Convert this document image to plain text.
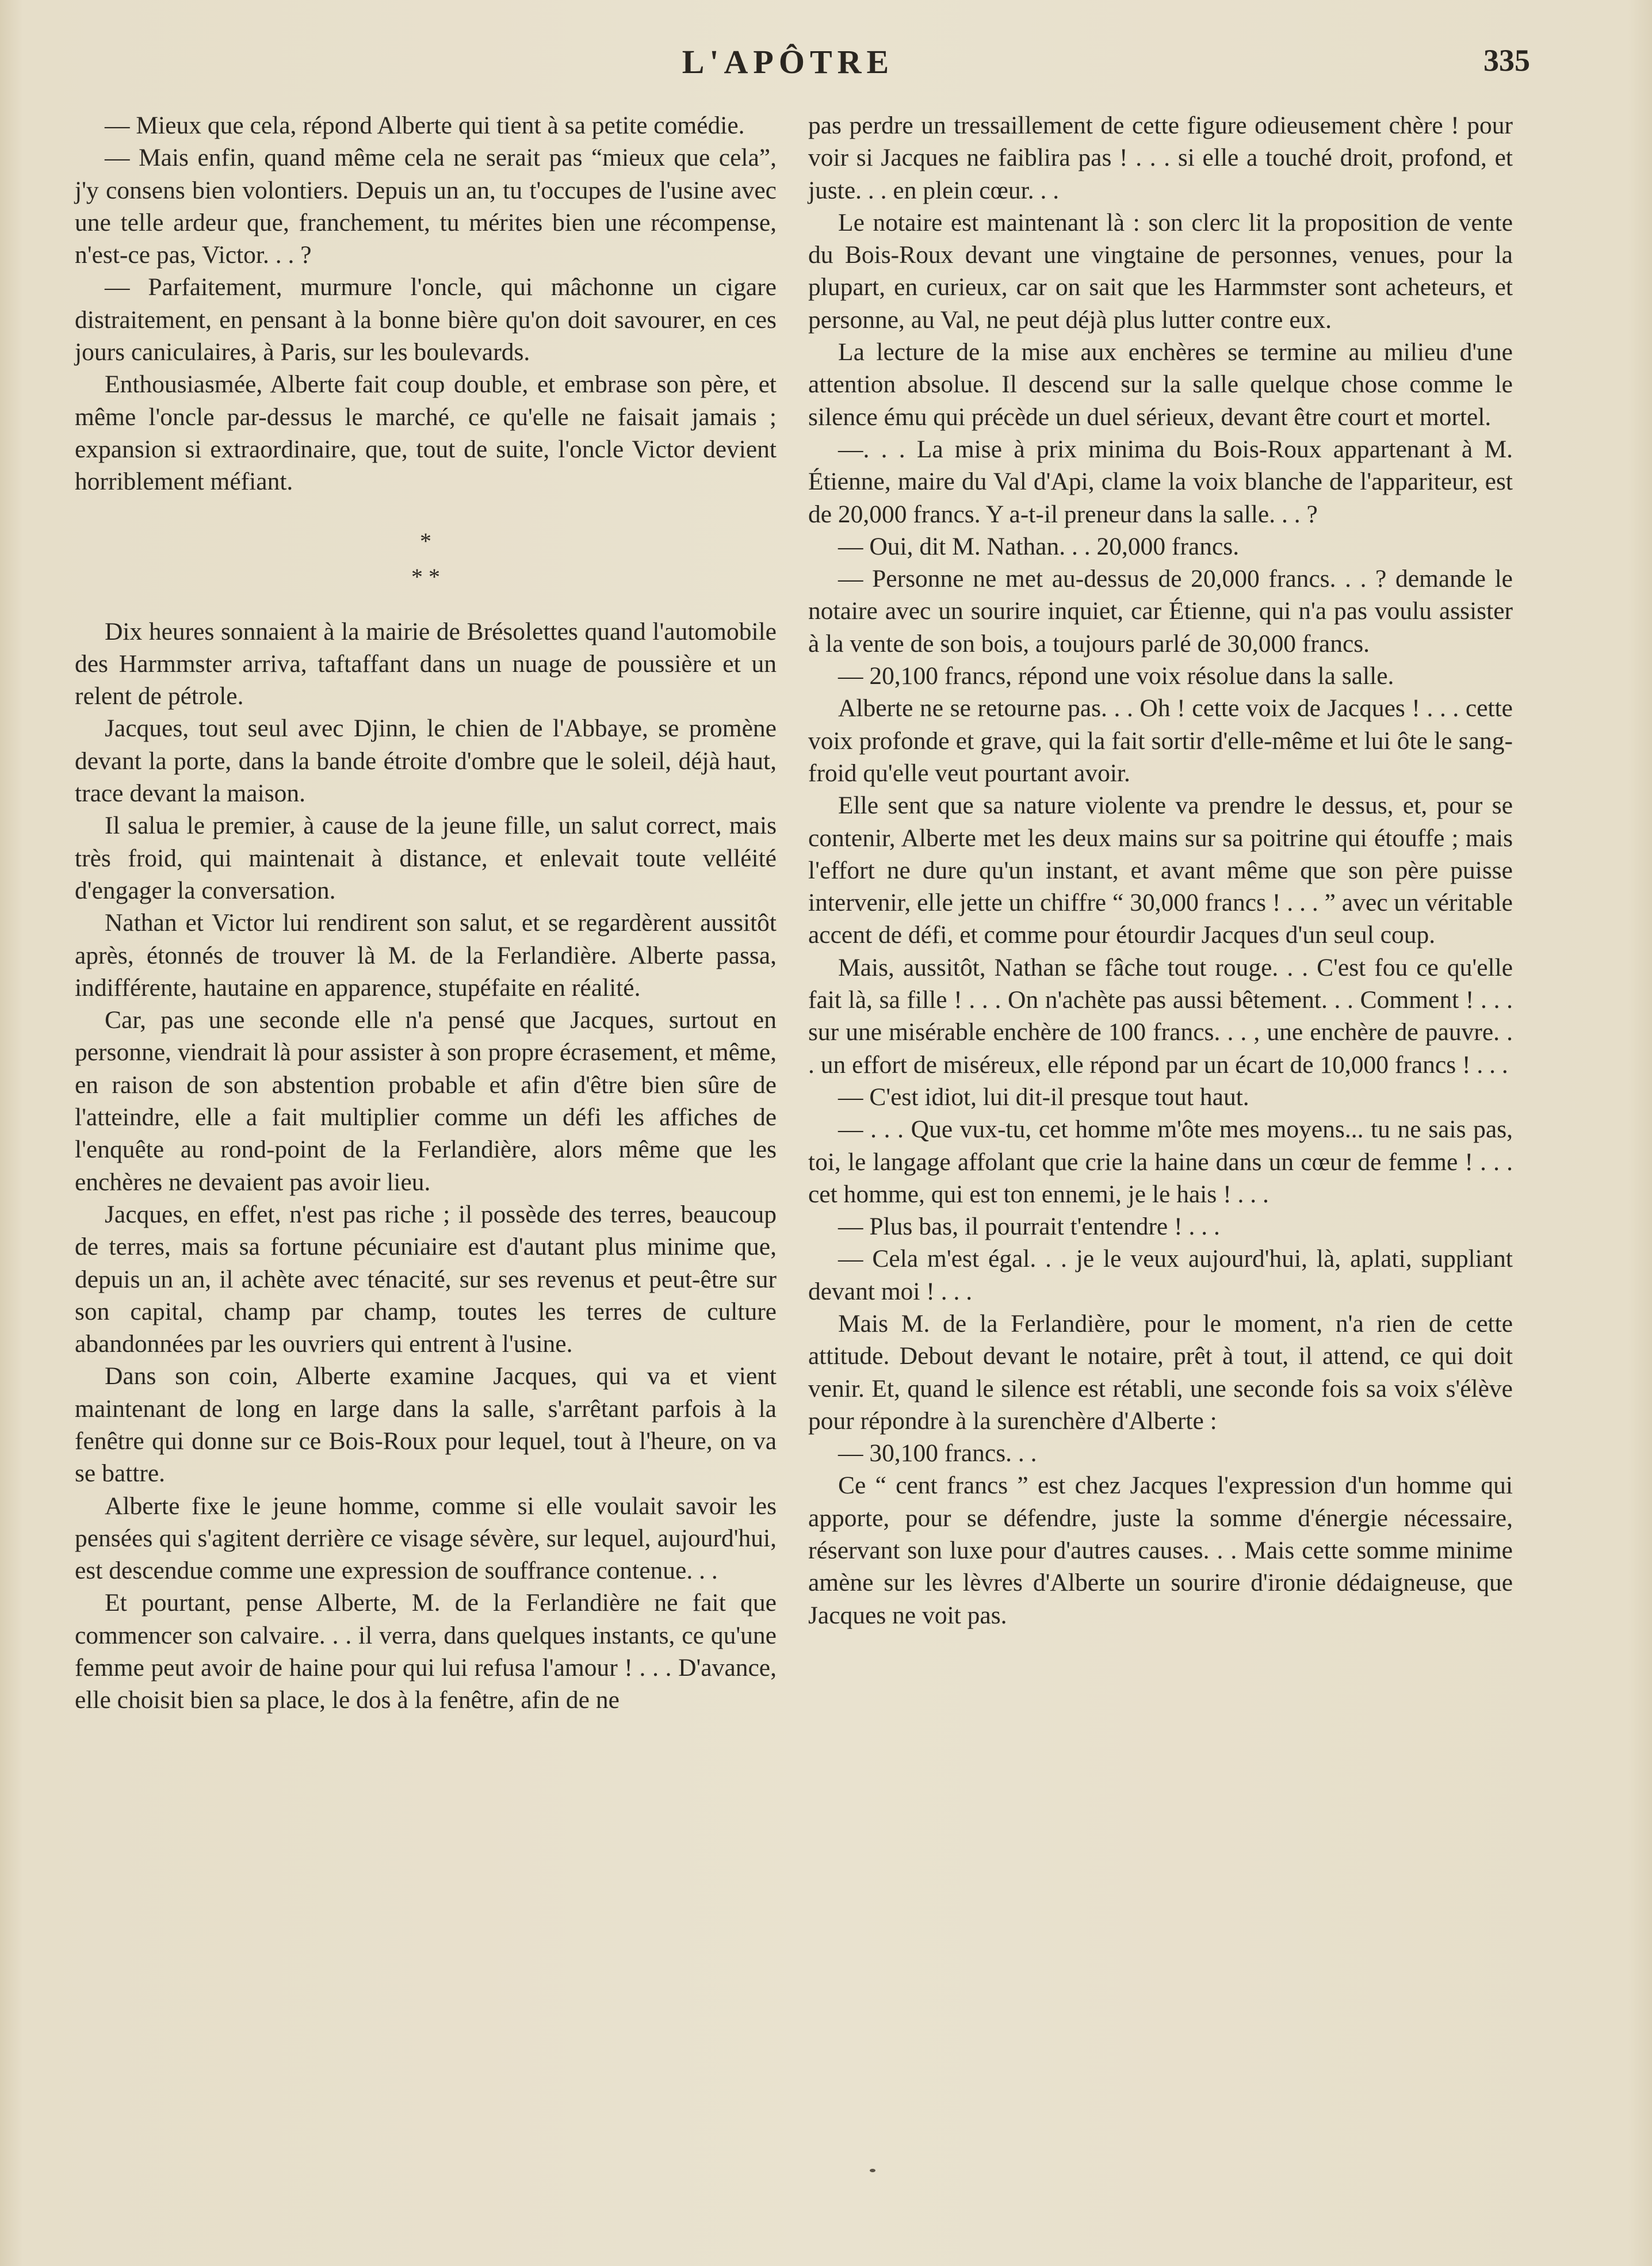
L'APÔTRE	335

— Mieux que cela, répond Alberte qui tient à sa petite comédie.

— Mais enfin, quand même cela ne serait pas “mieux que cela”, j'y consens bien volontiers. Depuis un an, tu t'occupes de l'usine avec une telle ardeur que, franchement, tu mérites bien une récompense, n'est-ce pas, Victor. . . ?

— Parfaitement, murmure l'oncle, qui mâchonne un cigare distraitement, en pensant à la bonne bière qu'on doit savourer, en ces jours caniculaires, à Paris, sur les boulevards.

Enthousiasmée, Alberte fait coup double, et embrase son père, et même l'oncle par-dessus le marché, ce qu'elle ne faisait jamais ; expansion si extraordinaire, que, tout de suite, l'oncle Victor devient horriblement méfiant.

*
* *

Dix heures sonnaient à la mairie de Brésolettes quand l'automobile des Harmmster arriva, taftaffant dans un nuage de poussière et un relent de pétrole.

Jacques, tout seul avec Djinn, le chien de l'Abbaye, se promène devant la porte, dans la bande étroite d'ombre que le soleil, déjà haut, trace devant la maison.

Il salua le premier, à cause de la jeune fille, un salut correct, mais très froid, qui maintenait à distance, et enlevait toute velléité d'engager la conversation.

Nathan et Victor lui rendirent son salut, et se regardèrent aussitôt après, étonnés de trouver là M. de la Ferlandière. Alberte passa, indifférente, hautaine en apparence, stupéfaite en réalité.

Car, pas une seconde elle n'a pensé que Jacques, surtout en personne, viendrait là pour assister à son propre écrasement, et même, en raison de son abstention probable et afin d'être bien sûre de l'atteindre, elle a fait multiplier comme un défi les affiches de l'enquête au rond-point de la Ferlandière, alors même que les enchères ne devaient pas avoir lieu.

Jacques, en effet, n'est pas riche ; il possède des terres, beaucoup de terres, mais sa fortune pécuniaire est d'autant plus minime que, depuis un an, il achète avec ténacité, sur ses revenus et peut-être sur son capital, champ par champ, toutes les terres de culture abandonnées par les ouvriers qui entrent à l'usine.

Dans son coin, Alberte examine Jacques, qui va et vient maintenant de long en large dans la salle, s'arrêtant parfois à la fenêtre qui donne sur ce Bois-Roux pour lequel, tout à l'heure, on va se battre.

Alberte fixe le jeune homme, comme si elle voulait savoir les pensées qui s'agitent derrière ce visage sévère, sur lequel, aujourd'hui, est descendue comme une expression de souffrance contenue. . .

Et pourtant, pense Alberte, M. de la Ferlandière ne fait que commencer son calvaire. . . il verra, dans quelques instants, ce qu'une femme peut avoir de haine pour qui lui refusa l'amour ! . . . D'avance, elle choisit bien sa place, le dos à la fenêtre, afin de ne

pas perdre un tressaillement de cette figure odieusement chère ! pour voir si Jacques ne faiblira pas ! . . . si elle a touché droit, profond, et juste. . . en plein cœur. . .

Le notaire est maintenant là : son clerc lit la proposition de vente du Bois-Roux devant une vingtaine de personnes, venues, pour la plupart, en curieux, car on sait que les Harmmster sont acheteurs, et personne, au Val, ne peut déjà plus lutter contre eux.

La lecture de la mise aux enchères se termine au milieu d'une attention absolue. Il descend sur la salle quelque chose comme le silence ému qui précède un duel sérieux, devant être court et mortel.

—. . . La mise à prix minima du Bois-Roux appartenant à M. Étienne, maire du Val d'Api, clame la voix blanche de l'appariteur, est de 20,000 francs. Y a-t-il preneur dans la salle. . . ?

— Oui, dit M. Nathan. . . 20,000 francs.

— Personne ne met au-dessus de 20,000 francs. . . ? demande le notaire avec un sourire inquiet, car Étienne, qui n'a pas voulu assister à la vente de son bois, a toujours parlé de 30,000 francs.

— 20,100 francs, répond une voix résolue dans la salle.

Alberte ne se retourne pas. . . Oh ! cette voix de Jacques ! . . . cette voix profonde et grave, qui la fait sortir d'elle-même et lui ôte le sang-froid qu'elle veut pourtant avoir.

Elle sent que sa nature violente va prendre le dessus, et, pour se contenir, Alberte met les deux mains sur sa poitrine qui étouffe ; mais l'effort ne dure qu'un instant, et avant même que son père puisse intervenir, elle jette un chiffre “ 30,000 francs ! . . . ” avec un véritable accent de défi, et comme pour étourdir Jacques d'un seul coup.

Mais, aussitôt, Nathan se fâche tout rouge. . . C'est fou ce qu'elle fait là, sa fille ! . . . On n'achète pas aussi bêtement. . . Comment ! . . . sur une misérable enchère de 100 francs. . . , une enchère de pauvre. . . un effort de miséreux, elle répond par un écart de 10,000 francs ! . . .

— C'est idiot, lui dit-il presque tout haut.

— . . . Que vux-tu, cet homme m'ôte mes moyens... tu ne sais pas, toi, le langage affolant que crie la haine dans un cœur de femme ! . . . cet homme, qui est ton ennemi, je le hais ! . . .

— Plus bas, il pourrait t'entendre ! . . .

— Cela m'est égal. . . je le veux aujourd'hui, là, aplati, suppliant devant moi ! . . .

Mais M. de la Ferlandière, pour le moment, n'a rien de cette attitude. Debout devant le notaire, prêt à tout, il attend, ce qui doit venir. Et, quand le silence est rétabli, une seconde fois sa voix s'élève pour répondre à la surenchère d'Alberte :

— 30,100 francs. . .

Ce “ cent francs ” est chez Jacques l'expression d'un homme qui apporte, pour se défendre, juste la somme d'énergie nécessaire, réservant son luxe pour d'autres causes. . . Mais cette somme minime amène sur les lèvres d'Alberte un sourire d'ironie dédaigneuse, que Jacques ne voit pas.
